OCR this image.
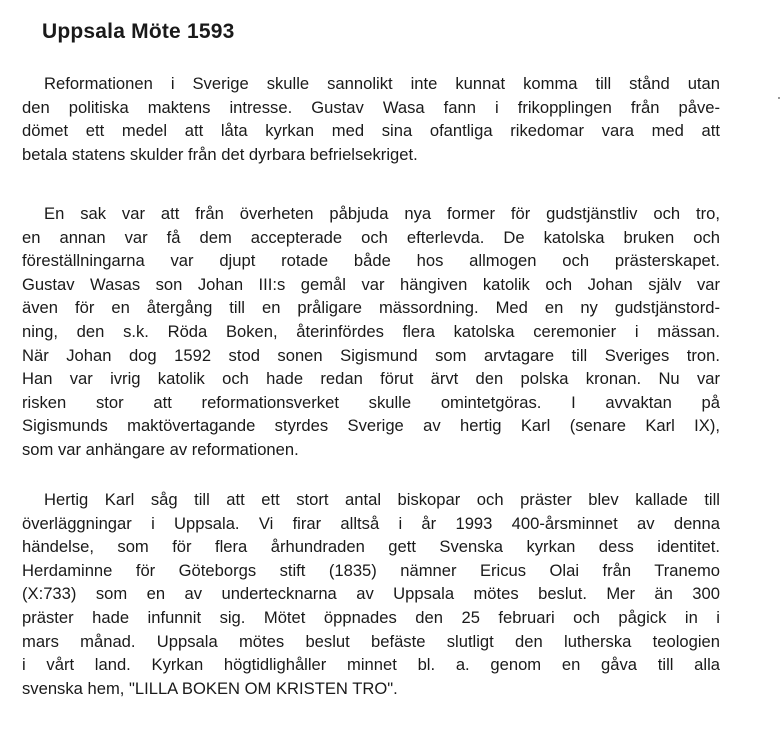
Uppsala Möte 1593

Reformationen i Sverige skulle sannolikt inte kunnat komma till stånd utan
den politiska maktens intresse. Gustav Wasa fann i frikopplingen från påve-
dömet ett medel att låta kyrkan med sina ofantliga rikedomar vara med att
betala statens skulder från det dyrbara befrielsekriget.

En sak var att från överheten påbjuda nya former för gudstjänstliv och tro,
en annan var få dem accepterade och efterlevda. De katolska bruken och
föreställningarna var djupt rotade både hos allmogen och prästerskapet.
Gustav Wasas son Johan III:s gemål var hängiven katolik och Johan själv var
även för en återgång till en pråligare mässordning. Med en ny gudstjänstord-
ning, den s.k. Röda Boken, återinfördes flera katolska ceremonier i mässan.
När Johan dog 1592 stod sonen Sigismund som arvtagare till Sveriges tron.
Han var ivrig katolik och hade redan förut ärvt den polska kronan. Nu var
risken stor att reformationsverket skulle omintetgöras. I avvaktan på
Sigismunds maktövertagande styrdes Sverige av hertig Karl (senare Karl IX),
som var anhängare av reformationen.

Hertig Karl såg till att ett stort antal biskopar och präster blev kallade till
överläggningar i Uppsala. Vi firar alltså i år 1993 400-årsminnet av denna
händelse, som för flera århundraden gett Svenska kyrkan dess identitet.
Herdaminne för Göteborgs stift (1835) nämner Ericus Olai från Tranemo
(X:733) som en av undertecknarna av Uppsala mötes beslut. Mer än 300
präster hade infunnit sig. Mötet öppnades den 25 februari och pågick in i
mars månad. Uppsala mötes beslut befäste slutligt den lutherska teologien
i vårt land. Kyrkan högtidlighåller minnet bl. a. genom en gåva till alla
svenska hem, "LILLA BOKEN OM KRISTEN TRO".
